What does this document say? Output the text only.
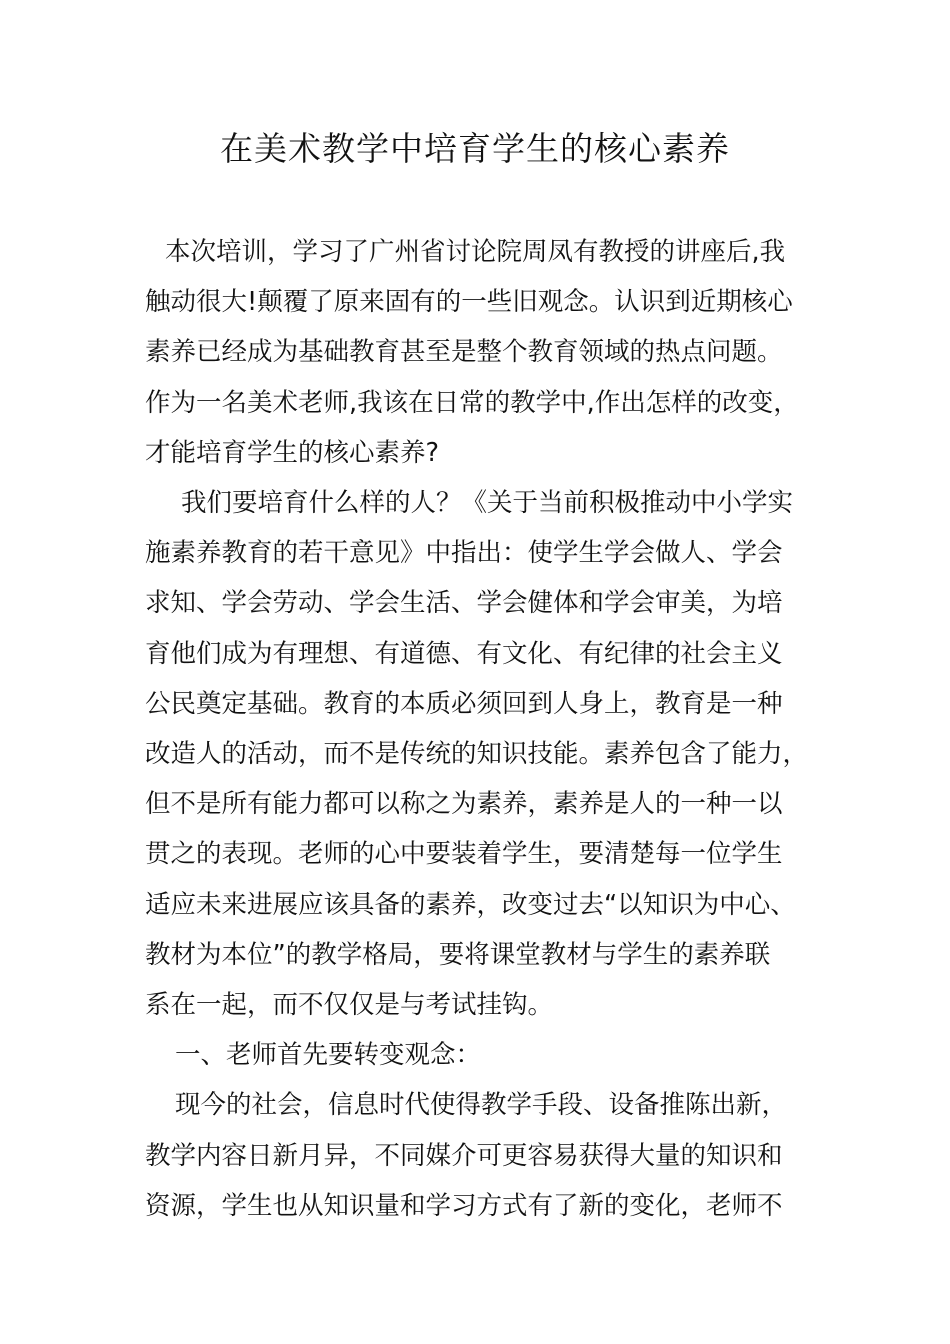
在美术教学中培育学生的核心素养
本次培训，学习了广州省讨论院周凤有教授的讲座后,我
触动很大!颠覆了原来固有的一些旧观念。认识到近期核心
素养已经成为基础教育甚至是整个教育领域的热点问题。
作为一名美术老师,我该在日常的教学中,作出怎样的改变，
才能培育学生的核心素养?
我们要培育什么样的人？《关于当前积极推动中小学实
施素养教育的若干意见》中指出：使学生学会做人、学会
求知、学会劳动、学会生活、学会健体和学会审美，为培
育他们成为有理想、有道德、有文化、有纪律的社会主义
公民奠定基础。教育的本质必须回到人身上，教育是一种
改造人的活动，而不是传统的知识技能。素养包含了能力，
但不是所有能力都可以称之为素养，素养是人的一种一以
贯之的表现。老师的心中要装着学生，要清楚每一位学生
适应未来进展应该具备的素养，改变过去“以知识为中心、
教材为本位”的教学格局，要将课堂教材与学生的素养联
系在一起，而不仅仅是与考试挂钩。
一、老师首先要转变观念：
现今的社会，信息时代使得教学手段、设备推陈出新，
教学内容日新月异，不同媒介可更容易获得大量的知识和
资源，学生也从知识量和学习方式有了新的变化，老师不
